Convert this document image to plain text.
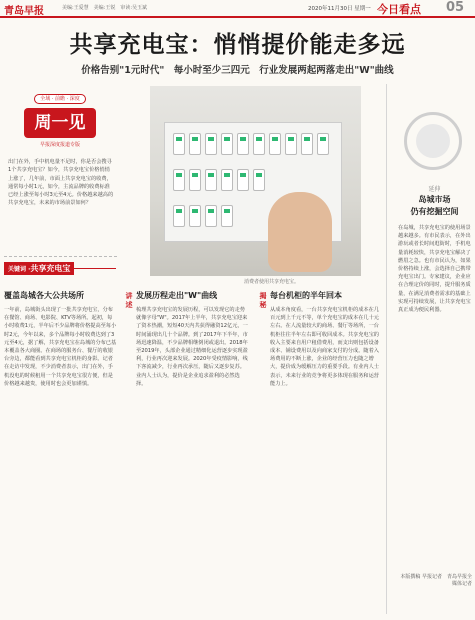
青岛早报	美编:王爱慧　美编:王锐　审读:吴玉斌	2020年11月30日 星期一 今日看点 05
共享充电宝：悄悄提价能走多远
价格告别"1元时代"　每小时至少三四元　行业发展两起两落走出"W"曲线
全域 · 前瞻 · 深度
周一见
早报深度报道专版

出门在外，手中机电量不足时，你是否会搜寻1个共享充电宝？如今，共享充电宝价格悄悄上涨了，几年前，市面上共享充电宝的收费，通常每小时1元，如今，主流品牌的收费标准已经上涨至每小时3元至4元。价格越来越高的共享充电宝，未来的市场前景如何？

关键词 ·共享充电宝
覆盖岛城各大公共场所

一年前，岛城街头出现了一批共享充电宝，分布在餐馆、商场、电影院、KTV等场所。起初，每小时收费1元，半年后不少品牌将价格提高至每小时2元，今年以来，多个品牌每小时收费达到了3元至4元，据了解，共享充电宝在岛城的分布已基本覆盖各大商圈。在商场的服务台、餐厅的收银台旁边，都能看到共享充电宝机柜的身影。记者在走访中发现，不少消费者表示，出门在外，手机没电的时候租用一个共享充电宝很方便，但是价格越来越贵，使用时也会更加谨慎。

讲述 发展历程走出"W"曲线

梳理共享充电宝的发展历程，可以发现它的走势就像字母"W"。2017年上半年，共享充电宝迎来了资本热潮，短短40天内共获得融资12亿元，一时间涌现出几十个品牌。到了2017年下半年，市场迅速降温，不少品牌相继倒闭或退出。2018年至2019年，头部企业通过精细化运营逐步实现盈利，行业再次迎来发展。2020年受疫情影响，线下客流减少，行业再次承压，随后又逐步复苏。业内人士认为，提价是企业追求盈利的必然选择。

揭秘 每台机柜的半年回本

从成本角度看，一台共享充电宝机柜的成本在几百元到上千元不等，单个充电宝的成本在几十元左右。在人流量较大的商场、餐厅等场所，一台机柜往往半年左右即可收回成本。共享充电宝的收入主要来自用户租借费用，而支出则包括设备成本、铺设费用以及向商家支付的分成。随着入场费用的不断上涨，企业的经营压力也随之增大，提价成为缓解压力的重要手段。有业内人士表示，未来行业的竞争将更多体现在服务和运营能力上。

消费者使用共享充电宝。
延伸
岛城市场
仍有挖掘空间

在岛城，共享充电宝的使用场景越来越多。有市民表示，在外出游玩或者长时间逛街时，手机电量消耗较快，共享充电宝解决了燃眉之急。也有市民认为，如果价格持续上涨，会选择自己携带充电宝出门。专家建议，企业应在合理定价的同时，提升服务质量，在满足消费者需求的基础上实现可持续发展，让共享充电宝真正成为便民利器。

本版撰稿 早报记者　青岛早报全媒体记者
